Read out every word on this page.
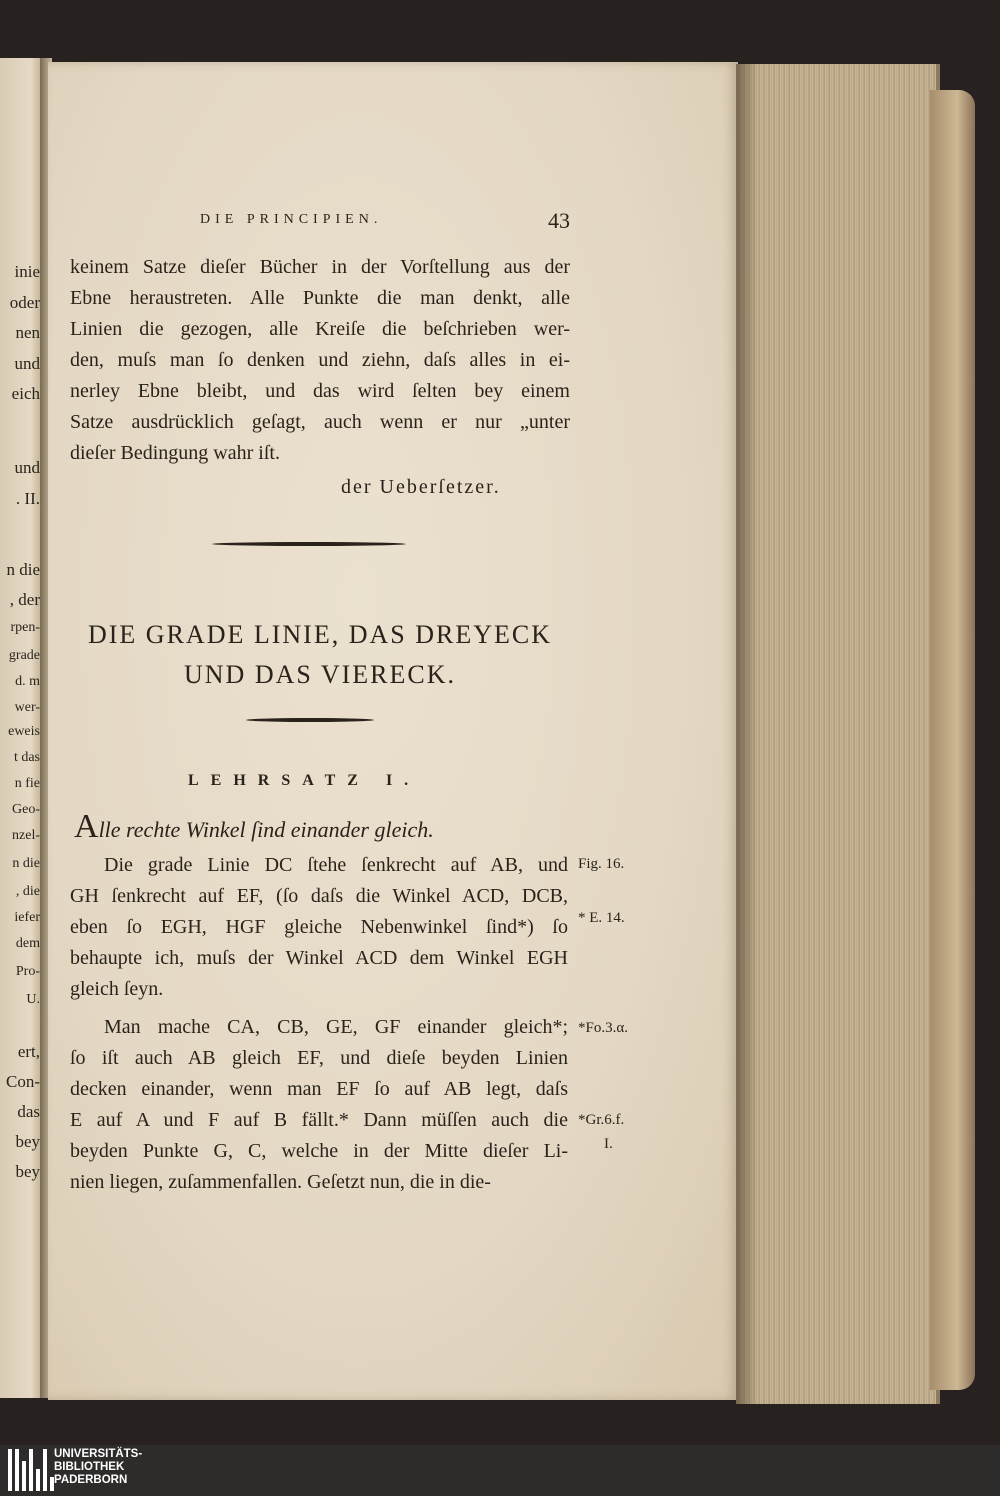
inie
oder
nen
und
eich
und
. II.
n die
, der
rpen-
grade
d. m
wer-
eweis
t das
n fie
Geo-
nzel-
n die
, die
iefer
dem
Pro-
U.
ert,
Con-
das
bey
bey
DIE PRINCIPIEN.	43
keinem Satze dieſer Bücher in der Vorſtellung aus der
Ebne heraustreten. Alle Punkte die man denkt, alle
Linien die gezogen, alle Kreiſe die beſchrieben wer-
den, muſs man ſo denken und ziehn, daſs alles in ei-
nerley Ebne bleibt, und das wird ſelten bey einem
Satze ausdrücklich geſagt, auch wenn er nur „unter
dieſer Bedingung wahr iſt.
der Ueberſetzer.
DIE GRADE LINIE, DAS DREYECK
UND DAS VIERECK.
LEHRSATZ I.
Alle rechte Winkel ſind einander gleich.
Die grade Linie DC ſtehe ſenkrecht auf AB, und
GH ſenkrecht auf EF, (ſo daſs die Winkel ACD, DCB,
eben ſo EGH, HGF gleiche Nebenwinkel ſind*) ſo
behaupte ich, muſs der Winkel ACD dem Winkel EGH
gleich ſeyn.
Man mache CA, CB, GE, GF einander gleich*;
ſo iſt auch AB gleich EF, und dieſe beyden Linien
decken einander, wenn man EF ſo auf AB legt, daſs
E auf A und F auf B fällt.* Dann müſſen auch die
beyden Punkte G, C, welche in der Mitte dieſer Li-
nien liegen, zuſammenfallen. Geſetzt nun, die in die-
Fig. 16.
* E. 14.
*Fo.3.α.
*Gr.6.f.
I.
UNIVERSITÄTS-
BIBLIOTHEK
PADERBORN
